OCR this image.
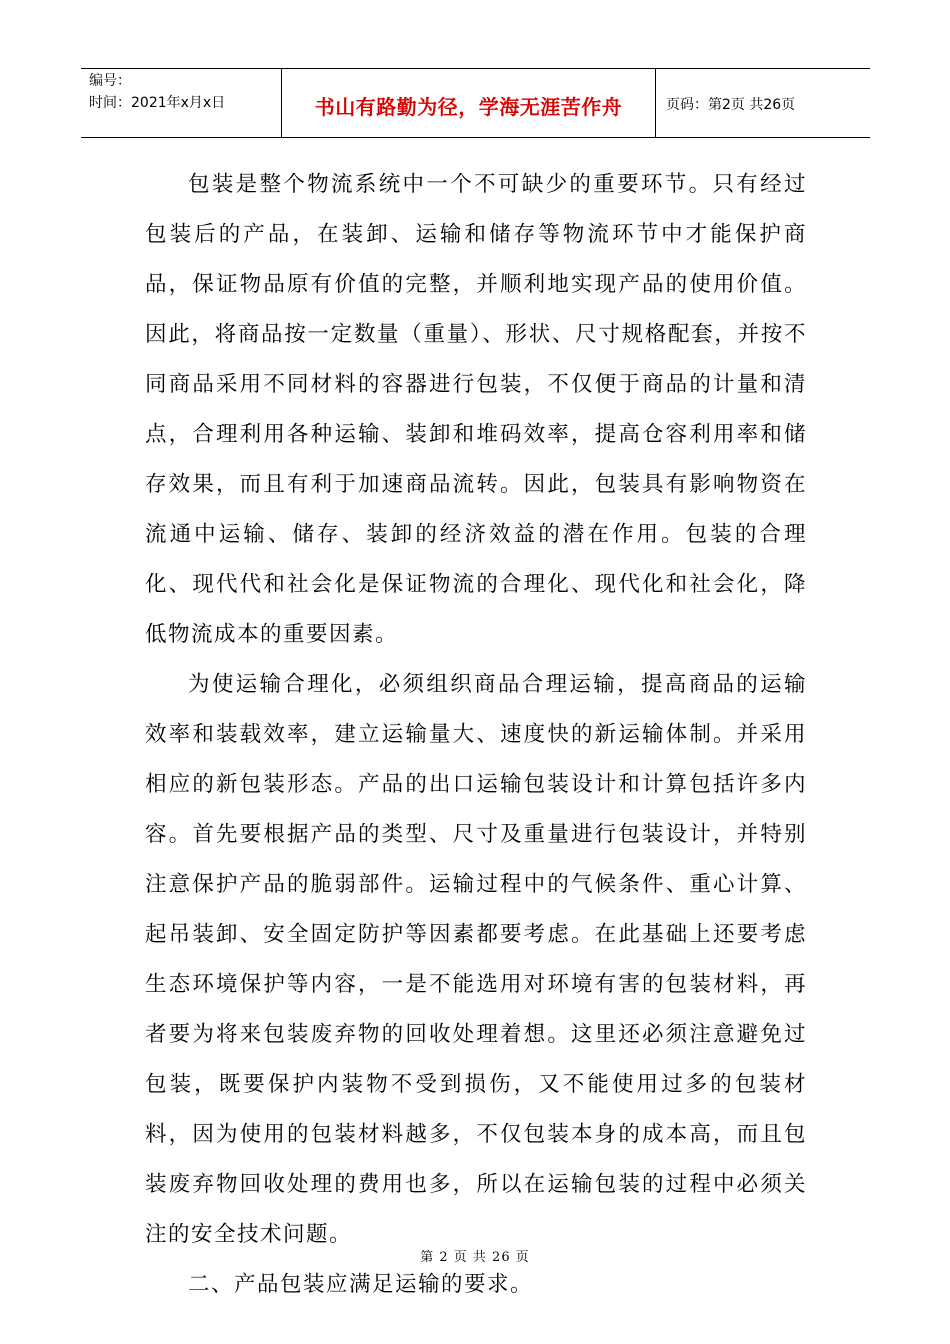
编号：
时间：2021年x月x日	书山有路勤为径，学海无涯苦作舟	页码：第2页 共26页

包装是整个物流系统中一个不可缺少的重要环节。只有经过包装后的产品，在装卸、运输和储存等物流环节中才能保护商品，保证物品原有价值的完整，并顺利地实现产品的使用价值。因此，将商品按一定数量（重量）、形状、尺寸规格配套，并按不同商品采用不同材料的容器进行包装，不仅便于商品的计量和清点，合理利用各种运输、装卸和堆码效率，提高仓容利用率和储存效果，而且有利于加速商品流转。因此，包装具有影响物资在流通中运输、储存、装卸的经济效益的潜在作用。包装的合理化、现代代和社会化是保证物流的合理化、现代化和社会化，降低物流成本的重要因素。

为使运输合理化，必须组织商品合理运输，提高商品的运输效率和装载效率，建立运输量大、速度快的新运输体制。并采用相应的新包装形态。产品的出口运输包装设计和计算包括许多内容。首先要根据产品的类型、尺寸及重量进行包装设计，并特别注意保护产品的脆弱部件。运输过程中的气候条件、重心计算、起吊装卸、安全固定防护等因素都要考虑。在此基础上还要考虑生态环境保护等内容，一是不能选用对环境有害的包装材料，再者要为将来包装废弃物的回收处理着想。这里还必须注意避免过包装，既要保护内装物不受到损伤，又不能使用过多的包装材料，因为使用的包装材料越多，不仅包装本身的成本高，而且包装废弃物回收处理的费用也多，所以在运输包装的过程中必须关注的安全技术问题。

二、产品包装应满足运输的要求。

第 2 页 共 26 页
